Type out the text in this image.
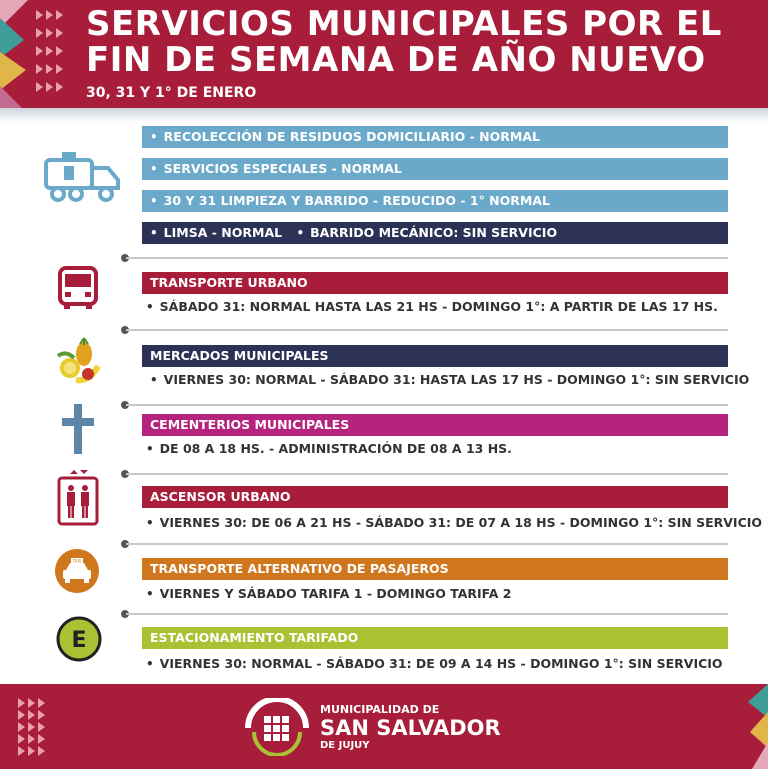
SERVICIOS MUNICIPALES POR EL
FIN DE SEMANA DE AÑO NUEVO
30, 31 Y 1° DE ENERO
• RECOLECCIÓN DE RESIDUOS DOMICILIARIO - NORMAL
• SERVICIOS ESPECIALES - NORMAL
• 30 Y 31 LIMPIEZA Y BARRIDO - REDUCIDO - 1° NORMAL
• LIMSA - NORMAL • BARRIDO MECÁNICO: SIN SERVICIO
TRANSPORTE URBANO
• SÁBADO 31: NORMAL HASTA LAS 21 HS - DOMINGO 1°: A PARTIR DE LAS 17 HS.
MERCADOS MUNICIPALES
• VIERNES 30: NORMAL - SÁBADO 31: HASTA LAS 17 HS - DOMINGO 1°: SIN SERVICIO
CEMENTERIOS MUNICIPALES
• DE 08 A 18 HS. - ADMINISTRACIÓN DE 08 A 13 HS.
ASCENSOR URBANO
• VIERNES 30: DE 06 A 21 HS - SÁBADO 31: DE 07 A 18 HS - DOMINGO 1°: SIN SERVICIO
TAXI	TRANSPORTE ALTERNATIVO DE PASAJEROS
• VIERNES Y SÁBADO TARIFA 1 - DOMINGO TARIFA 2
E	ESTACIONAMIENTO TARIFADO
• VIERNES 30: NORMAL - SÁBADO 31: DE 09 A 14 HS - DOMINGO 1°: SIN SERVICIO
MUNICIPALIDAD DE
SAN SALVADOR
DE JUJUY
